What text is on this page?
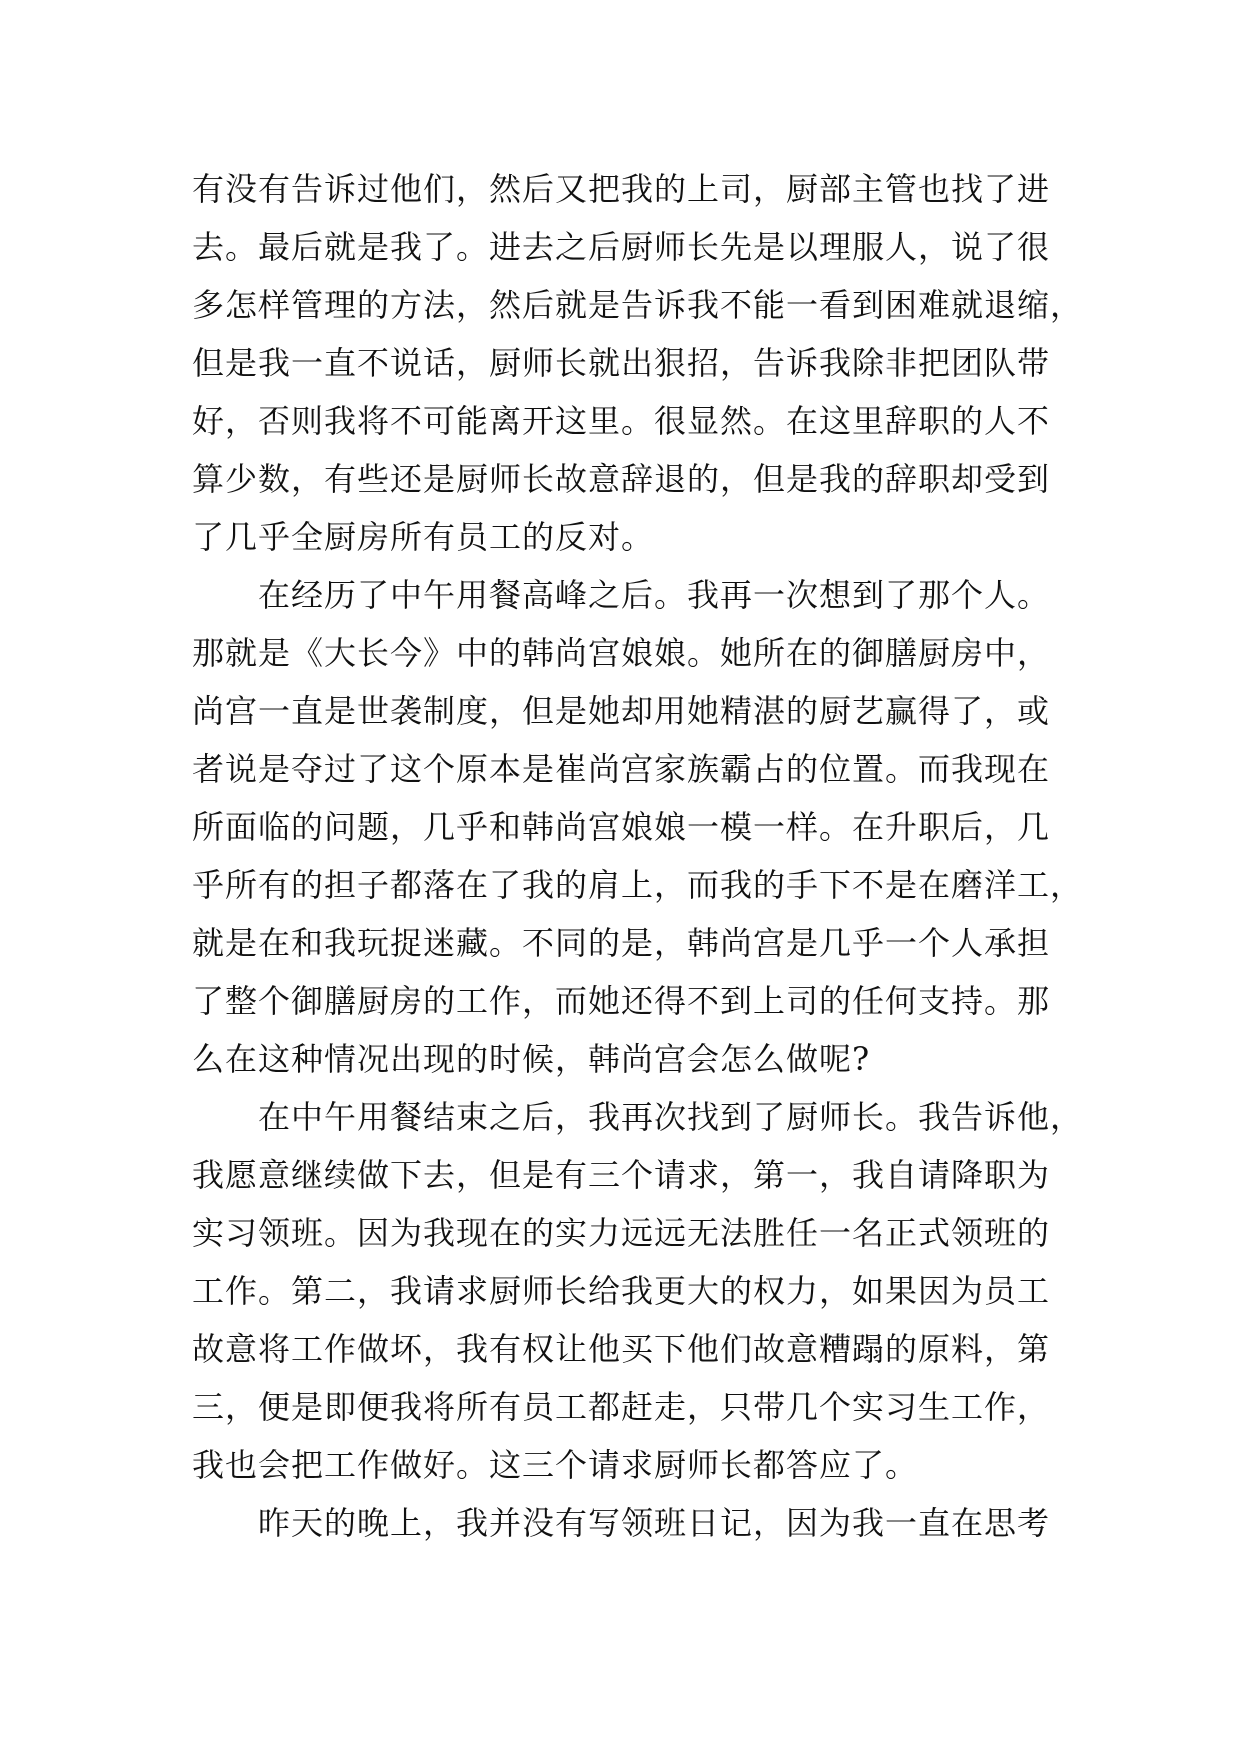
有没有告诉过他们，然后又把我的上司，厨部主管也找了进
去。最后就是我了。进去之后厨师长先是以理服人，说了很
多怎样管理的方法，然后就是告诉我不能一看到困难就退缩，
但是我一直不说话，厨师长就出狠招，告诉我除非把团队带
好，否则我将不可能离开这里。很显然。在这里辞职的人不
算少数，有些还是厨师长故意辞退的，但是我的辞职却受到
了几乎全厨房所有员工的反对。
　　在经历了中午用餐高峰之后。我再一次想到了那个人。
那就是《大长今》中的韩尚宫娘娘。她所在的御膳厨房中，
尚宫一直是世袭制度，但是她却用她精湛的厨艺赢得了，或
者说是夺过了这个原本是崔尚宫家族霸占的位置。而我现在
所面临的问题，几乎和韩尚宫娘娘一模一样。在升职后，几
乎所有的担子都落在了我的肩上，而我的手下不是在磨洋工，
就是在和我玩捉迷藏。不同的是，韩尚宫是几乎一个人承担
了整个御膳厨房的工作，而她还得不到上司的任何支持。那
么在这种情况出现的时候，韩尚宫会怎么做呢?
　　在中午用餐结束之后，我再次找到了厨师长。我告诉他，
我愿意继续做下去，但是有三个请求，第一，我自请降职为
实习领班。因为我现在的实力远远无法胜任一名正式领班的
工作。第二，我请求厨师长给我更大的权力，如果因为员工
故意将工作做坏，我有权让他买下他们故意糟蹋的原料，第
三，便是即便我将所有员工都赶走，只带几个实习生工作，
我也会把工作做好。这三个请求厨师长都答应了。
　　昨天的晚上，我并没有写领班日记，因为我一直在思考
